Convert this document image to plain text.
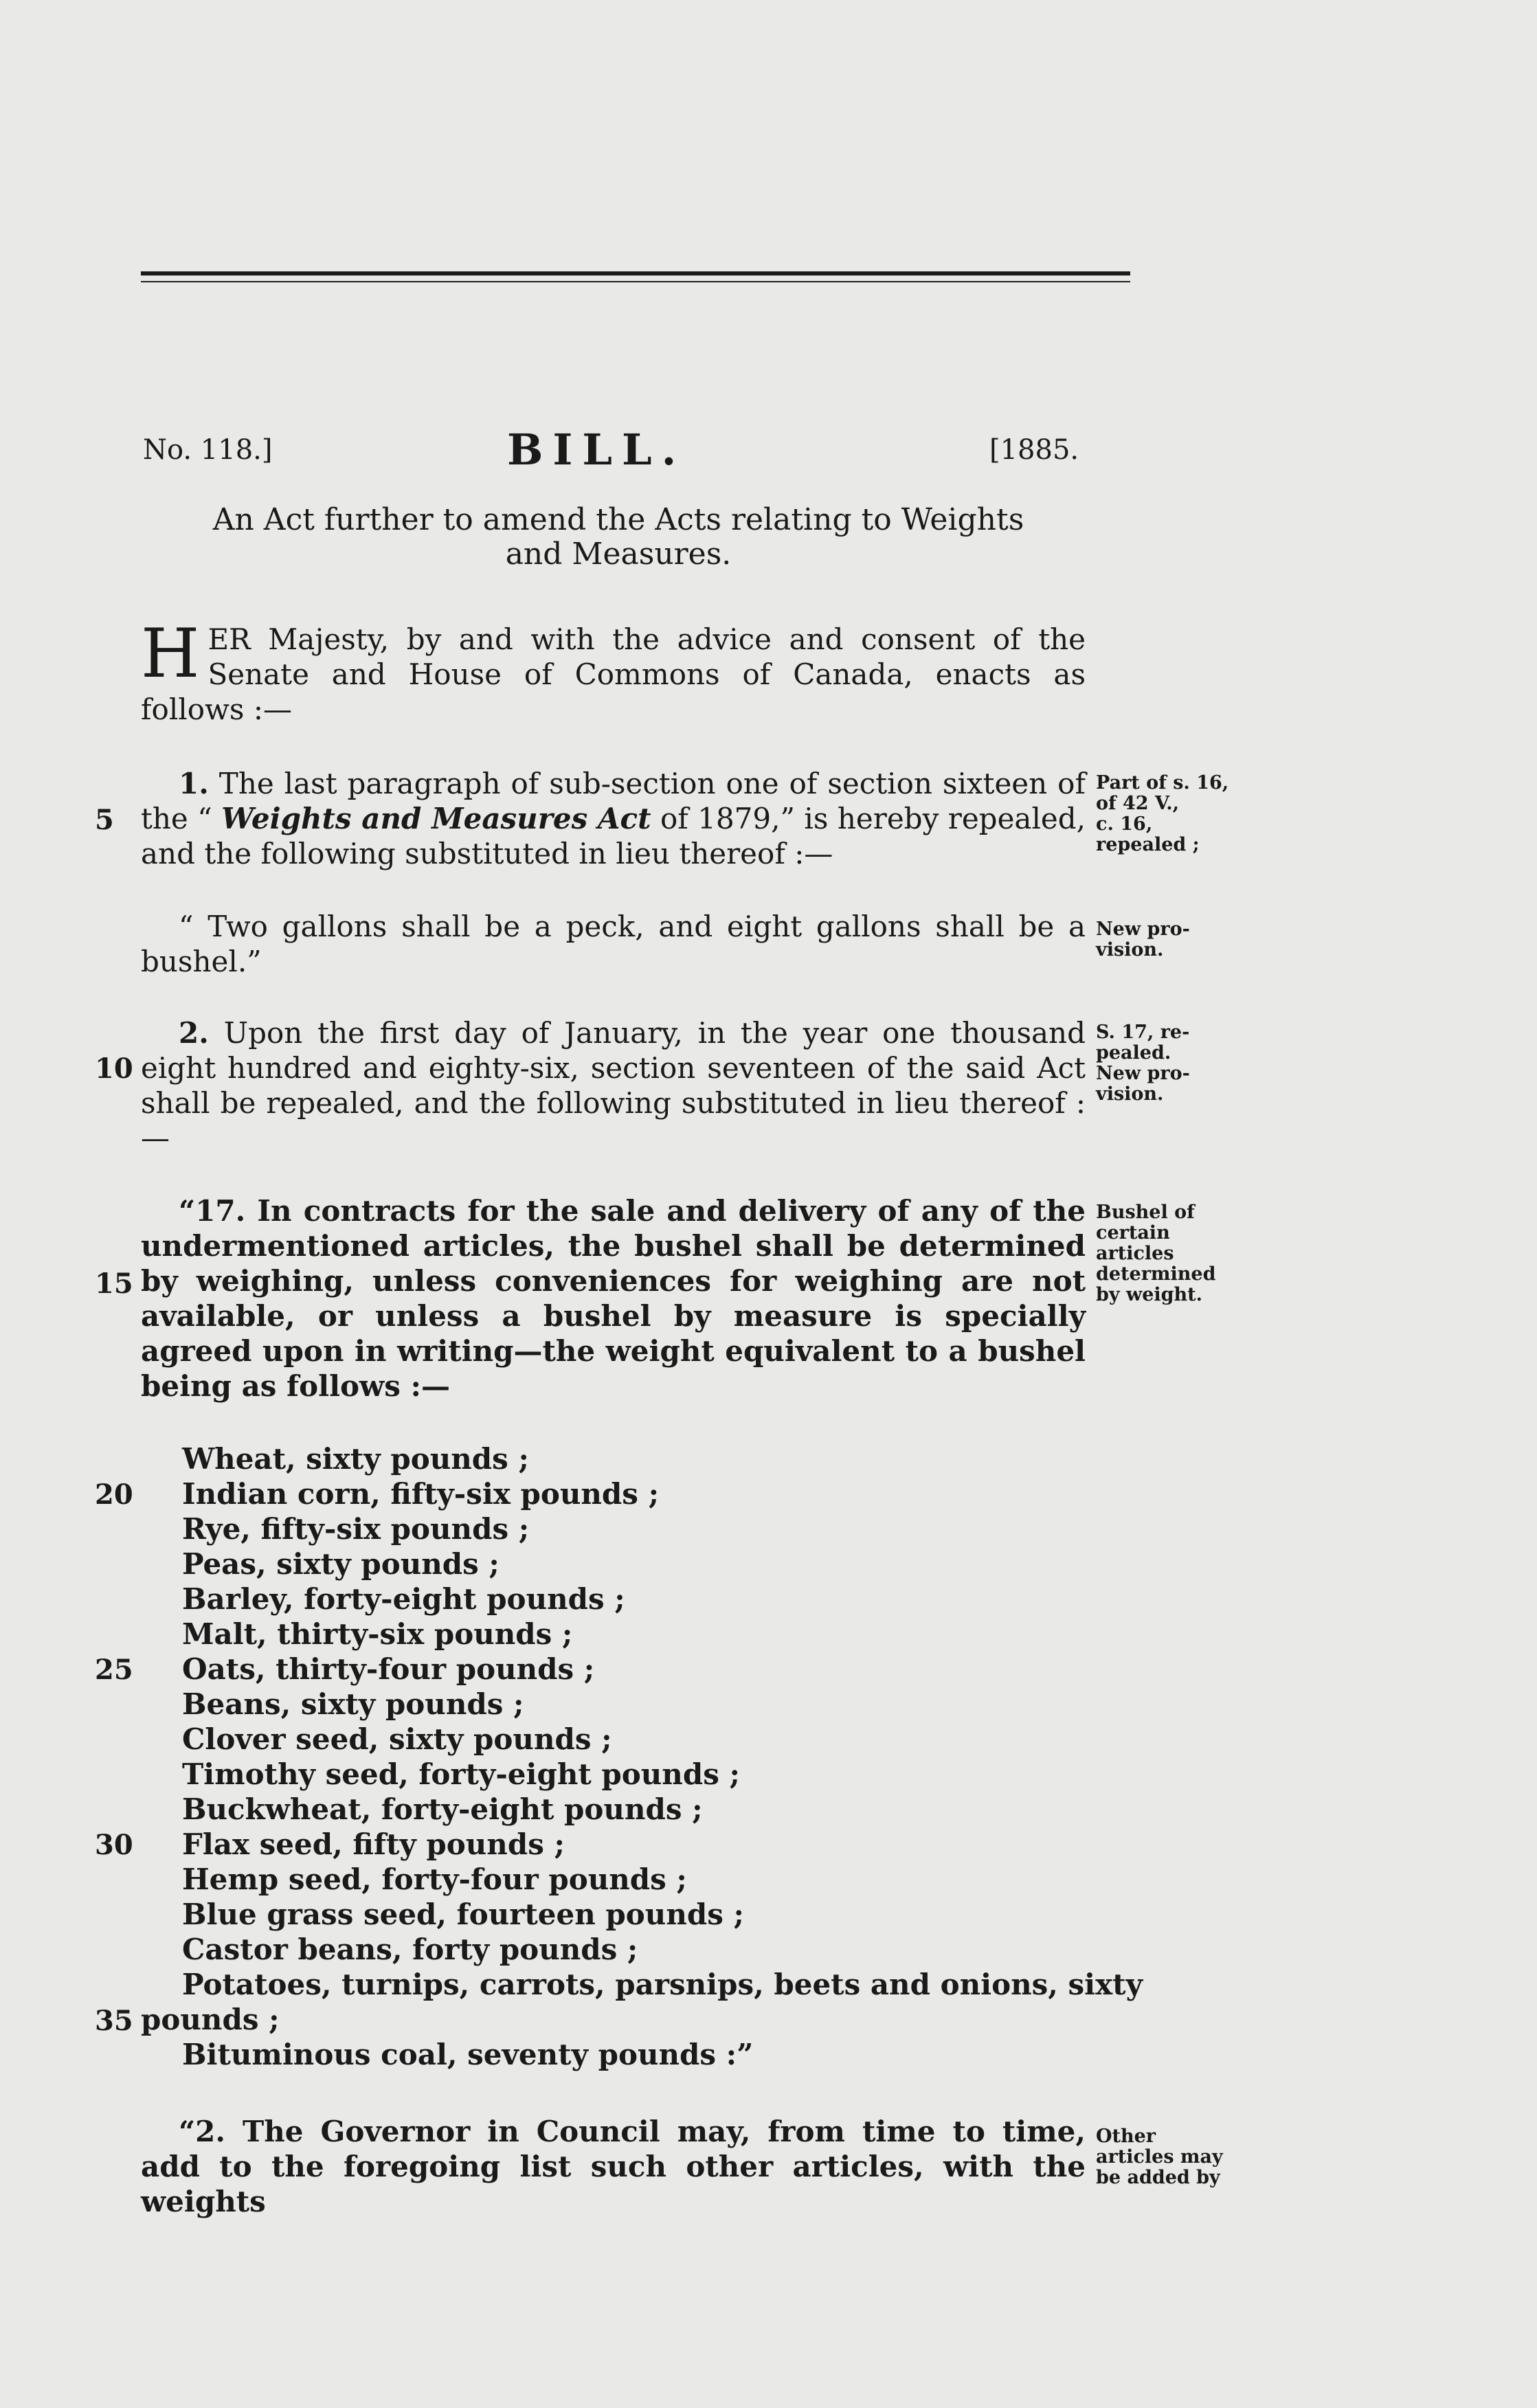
No. 118.]	BILL.	[1885.
An Act further to amend the Acts relating to Weights
and Measures.
HER Majesty, by and with the advice and consent of the Senate and House of Commons of Canada, enacts as follows :—
1. The last paragraph of sub-section one of section sixteen of the “ Weights and Measures Act of 1879,” is hereby repealed, and the following substituted in lieu thereof :—
“ Two gallons shall be a peck, and eight gallons shall be a bushel.”
2. Upon the first day of January, in the year one thousand eight hundred and eighty-six, section seventeen of the said Act shall be repealed, and the following substituted in lieu thereof :—
“17. In contracts for the sale and delivery of any of the undermentioned articles, the bushel shall be determined by weighing, unless conveniences for weighing are not available, or unless a bushel by measure is specially agreed upon in writing—the weight equivalent to a bushel being as follows :—
Wheat, sixty pounds ;
Indian corn, fifty-six pounds ;
Rye, fifty-six pounds ;
Peas, sixty pounds ;
Barley, forty-eight pounds ;
Malt, thirty-six pounds ;
Oats, thirty-four pounds ;
Beans, sixty pounds ;
Clover seed, sixty pounds ;
Timothy seed, forty-eight pounds ;
Buckwheat, forty-eight pounds ;
Flax seed, fifty pounds ;
Hemp seed, forty-four pounds ;
Blue grass seed, fourteen pounds ;
Castor beans, forty pounds ;
Potatoes, turnips, carrots, parsnips, beets and onions, sixty
pounds ;
Bituminous coal, seventy pounds :”
“2. The Governor in Council may, from time to time, add to the foregoing list such other articles, with the weights
5
10
15
20
25
30
35
Part of s. 16,
of 42 V.,
c. 16,
repealed ;
New pro-
vision.
S. 17, re-
pealed.
New pro-
vision.
Bushel of
certain
articles
determined
by weight.
Other
articles may
be added by
